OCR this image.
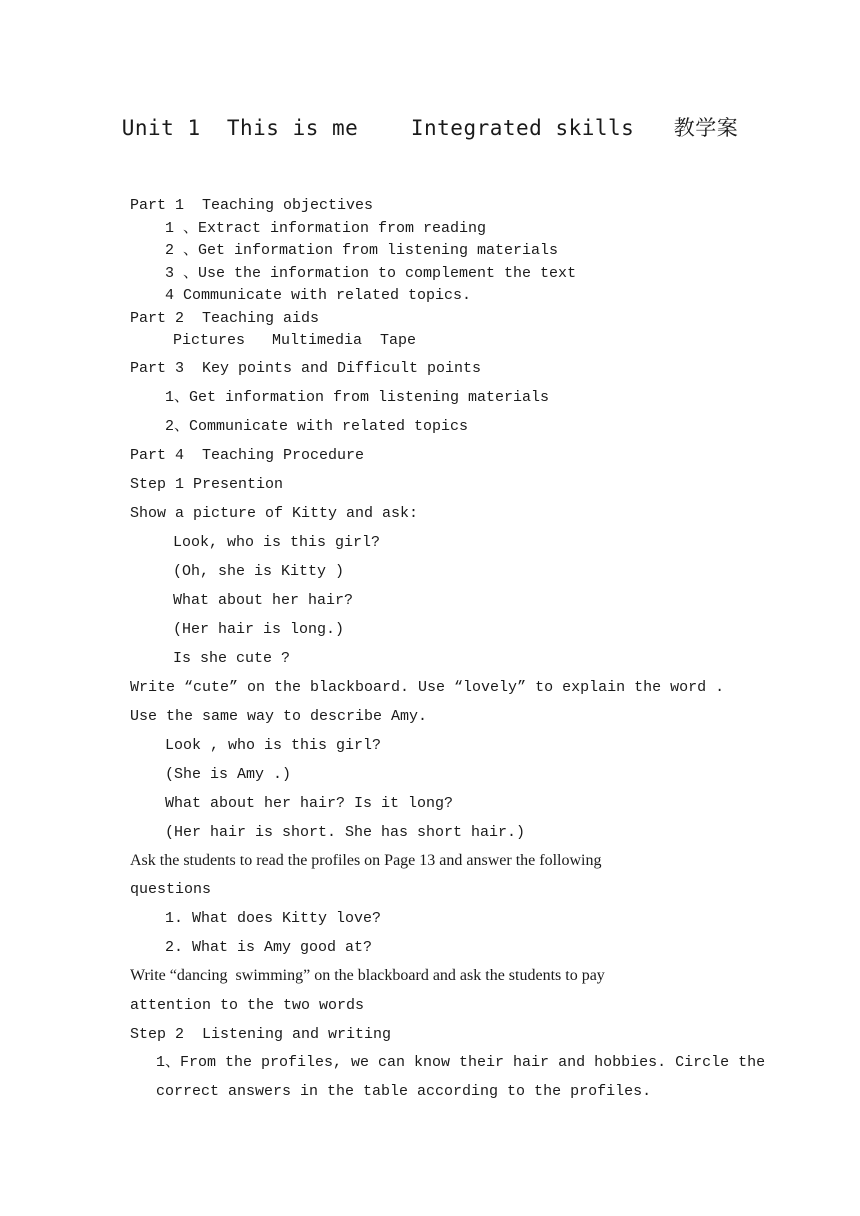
Unit 1  This is me    Integrated skills   教学案
Part 1  Teaching objectives
1 、Extract information from reading
2 、Get information from listening materials
3 、Use the information to complement the text
4 Communicate with related topics.
Part 2  Teaching aids
Pictures   Multimedia  Tape
Part 3  Key points and Difficult points
1、Get information from listening materials
2、Communicate with related topics
Part 4  Teaching Procedure
Step 1 Presention
Show a picture of Kitty and ask:
Look, who is this girl?
(Oh, she is Kitty )
What about her hair?
(Her hair is long.)
Is she cute ?
Write “cute” on the blackboard. Use “lovely” to explain the word .
Use the same way to describe Amy.
Look , who is this girl?
(She is Amy .)
What about her hair? Is it long?
(Her hair is short. She has short hair.)
Ask the students to read the profiles on Page 13 and answer the following
questions
1. What does Kitty love?
2. What is Amy good at?
Write “dancing  swimming” on the blackboard and ask the students to pay
attention to the two words
Step 2  Listening and writing
1、From the profiles, we can know their hair and hobbies. Circle the
correct answers in the table according to the profiles.
